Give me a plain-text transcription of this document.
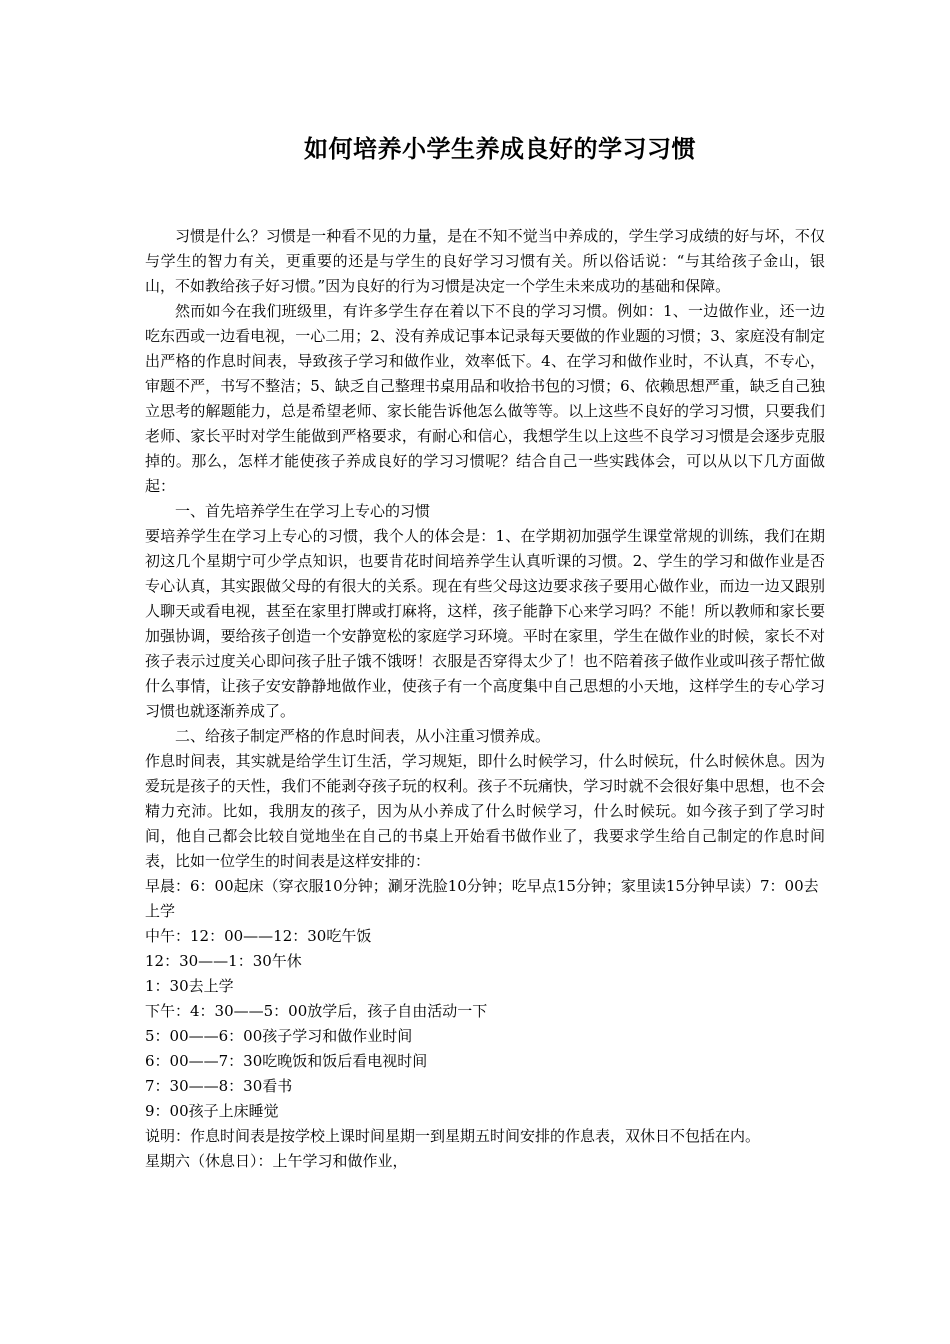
如何培养小学生养成良好的学习习惯

习惯是什么？习惯是一种看不见的力量，是在不知不觉当中养成的，学生学习成绩的好与坏，不仅与学生的智力有关，更重要的还是与学生的良好学习习惯有关。所以俗话说：“与其给孩子金山，银山，不如教给孩子好习惯。”因为良好的行为习惯是决定一个学生未来成功的基础和保障。

然而如今在我们班级里，有许多学生存在着以下不良的学习习惯。例如：1、一边做作业，还一边吃东西或一边看电视，一心二用；2、没有养成记事本记录每天要做的作业题的习惯；3、家庭没有制定出严格的作息时间表，导致孩子学习和做作业，效率低下。4、在学习和做作业时，不认真，不专心，审题不严，书写不整洁；5、缺乏自己整理书桌用品和收拾书包的习惯；6、依赖思想严重，缺乏自己独立思考的解题能力，总是希望老师、家长能告诉他怎么做等等。以上这些不良好的学习习惯，只要我们老师、家长平时对学生能做到严格要求，有耐心和信心，我想学生以上这些不良学习习惯是会逐步克服掉的。那么，怎样才能使孩子养成良好的学习习惯呢？结合自己一些实践体会，可以从以下几方面做起：

一、首先培养学生在学习上专心的习惯

要培养学生在学习上专心的习惯，我个人的体会是：1、在学期初加强学生课堂常规的训练，我们在期初这几个星期宁可少学点知识，也要肯花时间培养学生认真听课的习惯。2、学生的学习和做作业是否专心认真，其实跟做父母的有很大的关系。现在有些父母这边要求孩子要用心做作业，而边一边又跟别人聊天或看电视，甚至在家里打牌或打麻将，这样，孩子能静下心来学习吗？不能！所以教师和家长要加强协调，要给孩子创造一个安静宽松的家庭学习环境。平时在家里，学生在做作业的时候，家长不对孩子表示过度关心即问孩子肚子饿不饿呀！衣服是否穿得太少了！也不陪着孩子做作业或叫孩子帮忙做什么事情，让孩子安安静静地做作业，使孩子有一个高度集中自己思想的小天地，这样学生的专心学习习惯也就逐渐养成了。

二、给孩子制定严格的作息时间表，从小注重习惯养成。

作息时间表，其实就是给学生订生活，学习规矩，即什么时候学习，什么时候玩，什么时候休息。因为爱玩是孩子的天性，我们不能剥夺孩子玩的权利。孩子不玩痛快，学习时就不会很好集中思想，也不会精力充沛。比如，我朋友的孩子，因为从小养成了什么时候学习，什么时候玩。如今孩子到了学习时间，他自己都会比较自觉地坐在自己的书桌上开始看书做作业了，我要求学生给自己制定的作息时间表，比如一位学生的时间表是这样安排的：

早晨：6：00起床（穿衣服10分钟；涮牙洗脸10分钟；吃早点15分钟；家里读15分钟早读）7：00去上学

中午：12：00——12：30吃午饭

12：30——1：30午休

1：30去上学

下午：4：30——5：00放学后，孩子自由活动一下

5：00——6：00孩子学习和做作业时间

6：00——7：30吃晚饭和饭后看电视时间

7：30——8：30看书

9：00孩子上床睡觉

说明：作息时间表是按学校上课时间星期一到星期五时间安排的作息表，双休日不包括在内。

星期六（休息日）：上午学习和做作业，
